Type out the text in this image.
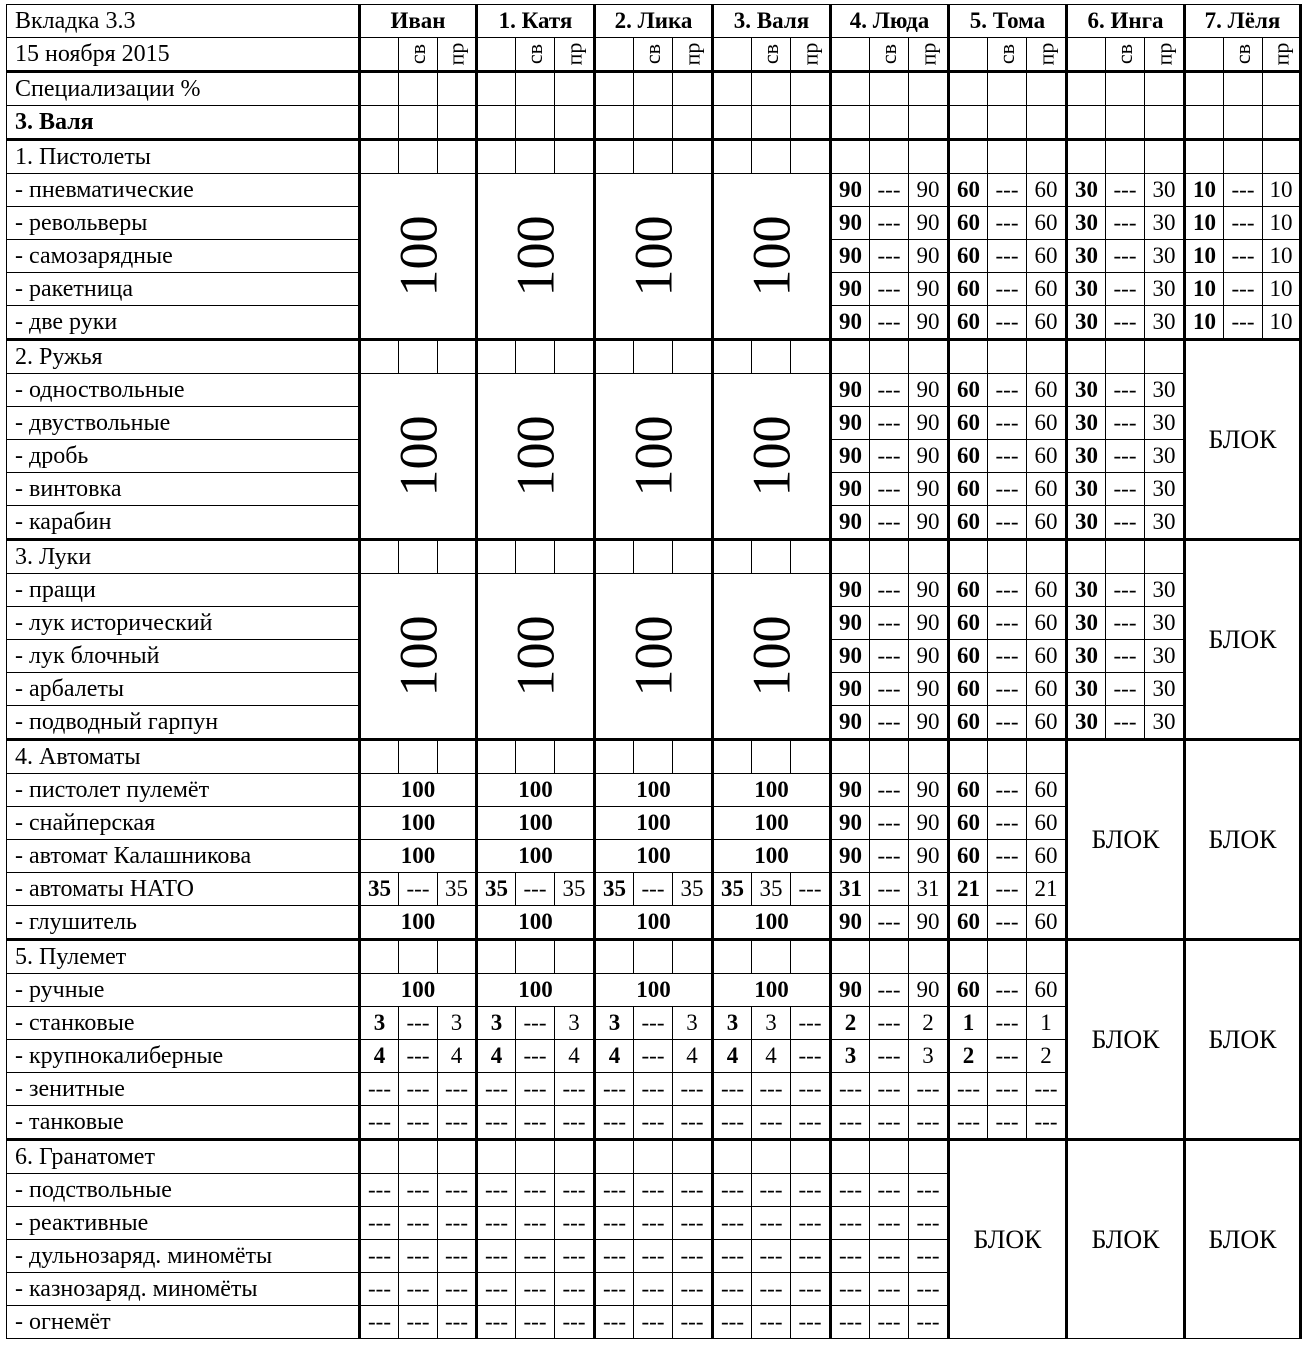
Вкладка 3.3	Иван			1. Катя			2. Лика			3. Валя			4. Люда			5. Тома			6. Инга			7. Лёля		
15 ноября 2015		св	пр		св	пр		св	пр		св	пр		св	пр		св	пр		св	пр		св	пр
Специализации %																								
3. Валя																								
1. Пистолеты																								
- пневматические	100			100			100			100			90	---	90	60	---	60	30	---	30	10	---	10
- револьверы													90	---	90	60	---	60	30	---	30	10	---	10
- самозарядные													90	---	90	60	---	60	30	---	30	10	---	10
- ракетница													90	---	90	60	---	60	30	---	30	10	---	10
- две руки													90	---	90	60	---	60	30	---	30	10	---	10
2. Ружья																						БЛОК		
- одноствольные	100			100			100			100			90	---	90	60	---	60	30	---	30			
- двуствольные													90	---	90	60	---	60	30	---	30			
- дробь													90	---	90	60	---	60	30	---	30			
- винтовка													90	---	90	60	---	60	30	---	30			
- карабин													90	---	90	60	---	60	30	---	30			
3. Луки																						БЛОК		
- пращи	100			100			100			100			90	---	90	60	---	60	30	---	30			
- лук исторический													90	---	90	60	---	60	30	---	30			
- лук блочный													90	---	90	60	---	60	30	---	30			
- арбалеты													90	---	90	60	---	60	30	---	30			
- подводный гарпун													90	---	90	60	---	60	30	---	30			
4. Автоматы																			БЛОК			БЛОК		
- пистолет пулемёт	100			100			100			100			90	---	90	60	---	60						
- снайперская	100			100			100			100			90	---	90	60	---	60						
- автомат Калашникова	100			100			100			100			90	---	90	60	---	60						
- автоматы НАТО	35	---	35	35	---	35	35	---	35	35	35	---	31	---	31	21	---	21						
- глушитель	100			100			100			100			90	---	90	60	---	60						
5. Пулемет																			БЛОК			БЛОК		
- ручные	100			100			100			100			90	---	90	60	---	60						
- станковые	3	---	3	3	---	3	3	---	3	3	3	---	2	---	2	1	---	1						
- крупнокалиберные	4	---	4	4	---	4	4	---	4	4	4	---	3	---	3	2	---	2						
- зенитные	---	---	---	---	---	---	---	---	---	---	---	---	---	---	---	---	---	---						
- танковые	---	---	---	---	---	---	---	---	---	---	---	---	---	---	---	---	---	---						
6. Гранатомет																БЛОК			БЛОК			БЛОК		
- подствольные	---	---	---	---	---	---	---	---	---	---	---	---	---	---	---									
- реактивные	---	---	---	---	---	---	---	---	---	---	---	---	---	---	---									
- дульнозаряд. миномёты	---	---	---	---	---	---	---	---	---	---	---	---	---	---	---									
- казнозаряд. миномёты	---	---	---	---	---	---	---	---	---	---	---	---	---	---	---									
- огнемёт	---	---	---	---	---	---	---	---	---	---	---	---	---	---	---									
